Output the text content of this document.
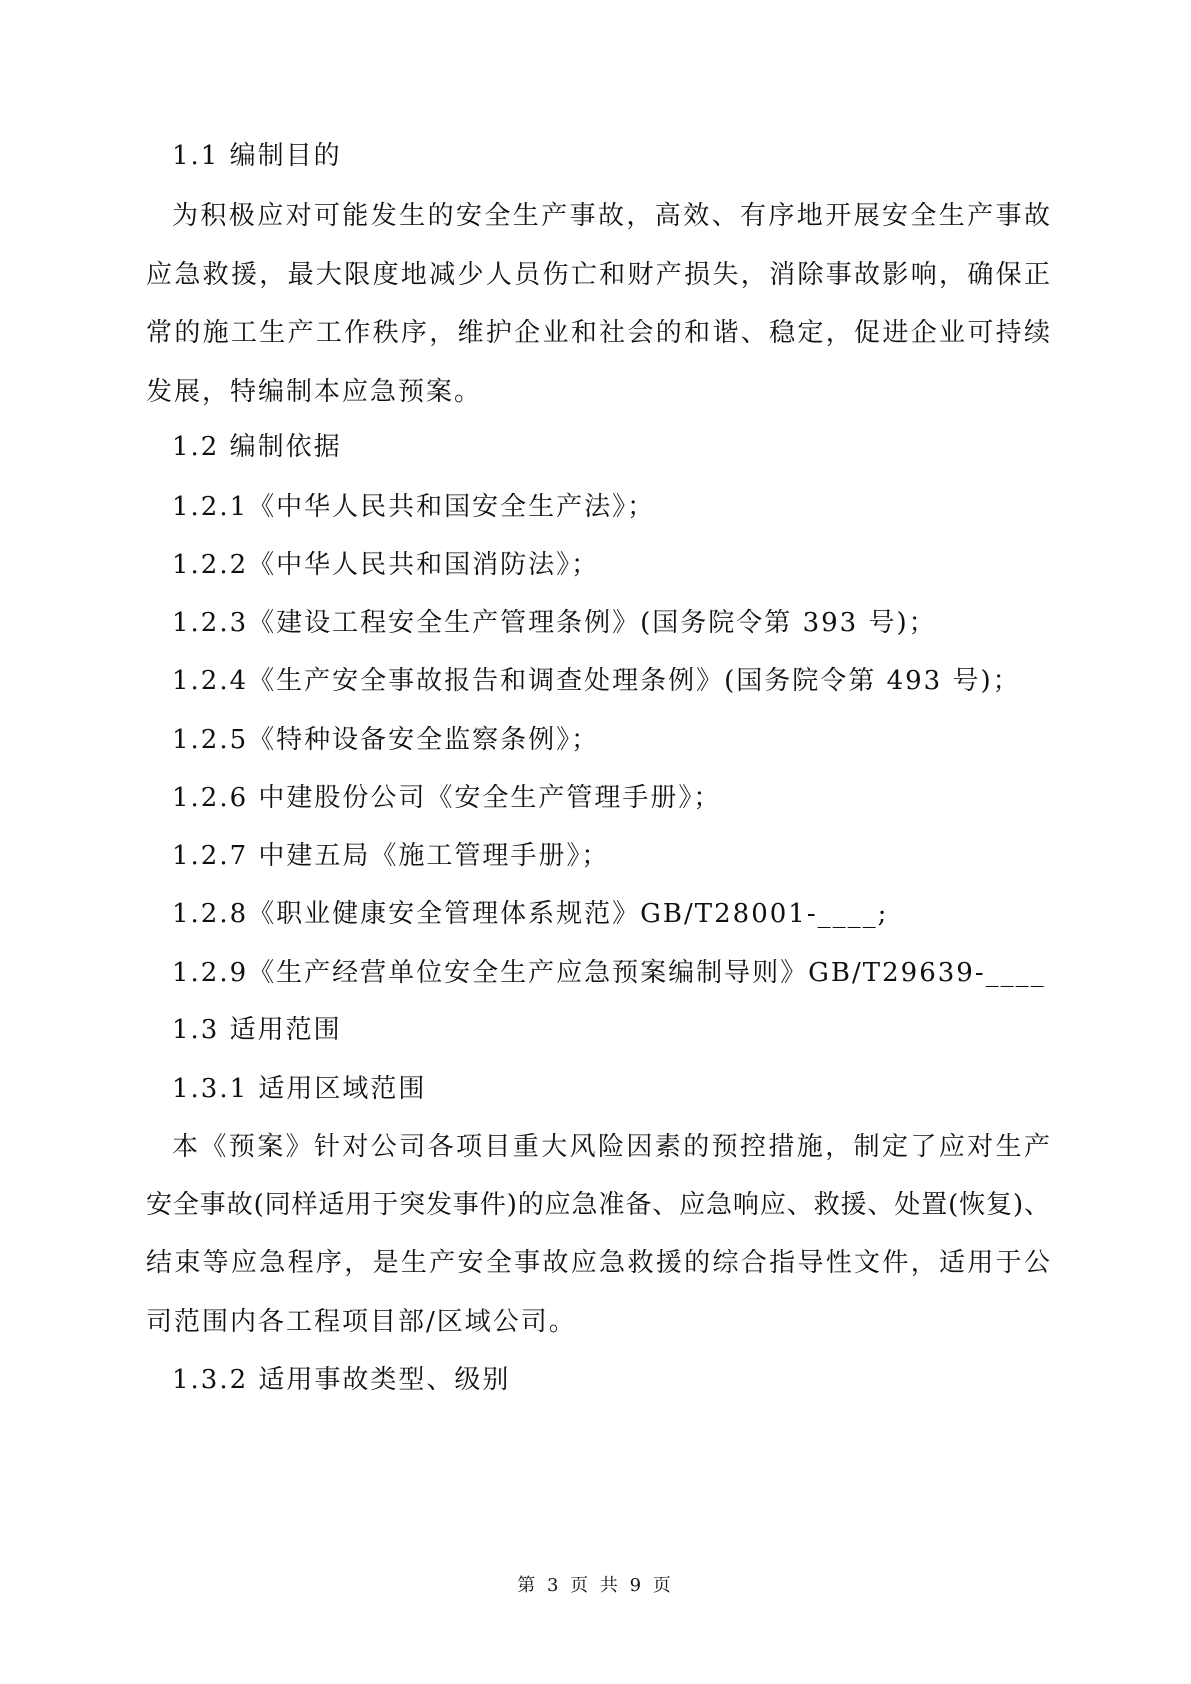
1.1 编制目的
为积极应对可能发生的安全生产事故，高效、有序地开展安全生产事故
应急救援，最大限度地减少人员伤亡和财产损失，消除事故影响，确保正
常的施工生产工作秩序，维护企业和社会的和谐、稳定，促进企业可持续
发展，特编制本应急预案。
1.2 编制依据
1.2.1《中华人民共和国安全生产法》；
1.2.2《中华人民共和国消防法》；
1.2.3《建设工程安全生产管理条例》(国务院令第 393 号)；
1.2.4《生产安全事故报告和调查处理条例》(国务院令第 493 号)；
1.2.5《特种设备安全监察条例》；
1.2.6 中建股份公司《安全生产管理手册》；
1.2.7 中建五局《施工管理手册》；
1.2.8《职业健康安全管理体系规范》GB/T28001-____;
1.2.9《生产经营单位安全生产应急预案编制导则》GB/T29639-____
1.3 适用范围
1.3.1 适用区域范围
本《预案》针对公司各项目重大风险因素的预控措施，制定了应对生产
安全事故(同样适用于突发事件)的应急准备、应急响应、救援、处置(恢复)、
结束等应急程序，是生产安全事故应急救援的综合指导性文件，适用于公
司范围内各工程项目部/区域公司。
1.3.2 适用事故类型、级别
第 3 页 共 9 页
